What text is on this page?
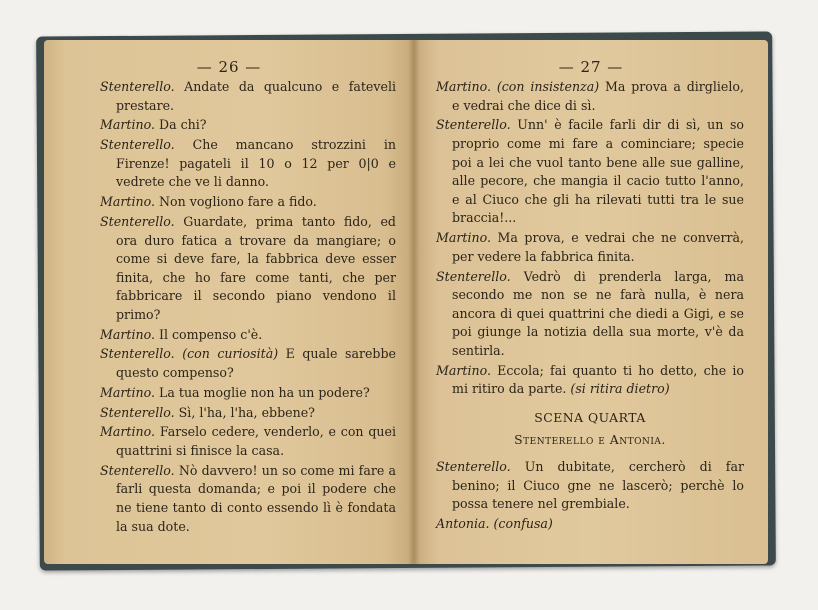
— 26 —

Stenterello. Andate da qualcuno e fateveli prestare.

Martino. Da chi?

Stenterello. Che mancano strozzini in Firenze! pagateli il 10 o 12 per 0|0 e vedrete che ve li danno.

Martino. Non vogliono fare a fido.

Stenterello. Guardate, prima tanto fido, ed ora duro fatica a trovare da mangiare; o come si deve fare, la fabbrica deve esser finita, che ho fare come tanti, che per fabbricare il secondo piano vendono il primo?

Martino. Il compenso c'è.

Stenterello. (con curiosità) E quale sarebbe questo compenso?

Martino. La tua moglie non ha un podere?

Stenterello. Sì, l'ha, l'ha, ebbene?

Martino. Farselo cedere, venderlo, e con quei quattrini si finisce la casa.

Stenterello. Nò davvero! un so come mi fare a farli questa domanda; e poi il podere che ne tiene tanto di conto essendo lì è fondata la sua dote.

— 27 —

Martino. (con insistenza) Ma prova a dirglielo, e vedrai che dice di sì.

Stenterello. Unn' è facile farli dir di sì, un so proprio come mi fare a cominciare; specie poi a lei che vuol tanto bene alle sue galline, alle pecore, che mangia il cacio tutto l'anno, e al Ciuco che gli ha rilevati tutti tra le sue braccia!...

Martino. Ma prova, e vedrai che ne converrà, per vedere la fabbrica finita.

Stenterello. Vedrò di prenderla larga, ma secondo me non se ne farà nulla, è nera ancora di quei quattrini che diedi a Gigi, e se poi giunge la notizia della sua morte, v'è da sentirla.

Martino. Eccola; fai quanto ti ho detto, che io mi ritiro da parte. (si ritira dietro)

SCENA QUARTA
Stenterello e Antonia.

Stenterello. Un dubitate, cercherò di far benino; il Ciuco gne ne lascerò; perchè lo possa tenere nel grembiale.

Antonia. (confusa)
